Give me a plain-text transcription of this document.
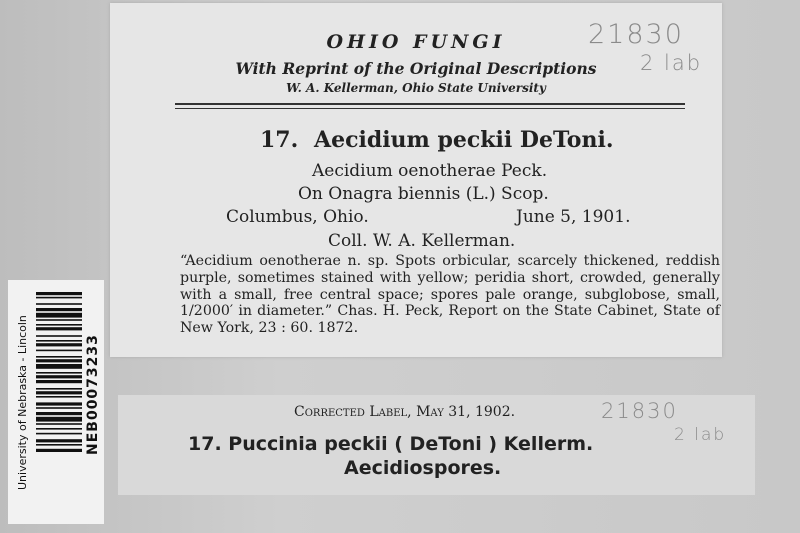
OHIO FUNGI
With Reprint of the Original Descriptions
W. A. Kellerman, Ohio State University
21830
2 lab
17. Aecidium peckii DeToni.
Aecidium oenotherae Peck.
On Onagra biennis (L.) Scop.
Columbus, Ohio.	June 5, 1901.
Coll. W. A. Kellerman.

“Aecidium oenotherae n. sp. Spots orbicular, scarcely thickened, reddish purple, sometimes stained with yellow; peridia short, crowded, generally with a small, free central space; spores pale orange, subglobose, small, 1/2000′ in diameter.” Chas. H. Peck, Report on the State Cabinet, State of New York, 23 : 60. 1872.

Corrected Label, May 31, 1902.	21830
2 lab
17. Puccinia peckii ( DeToni ) Kellerm.
Aecidiospores.
University of Nebraska - Lincoln	NEB00073233
